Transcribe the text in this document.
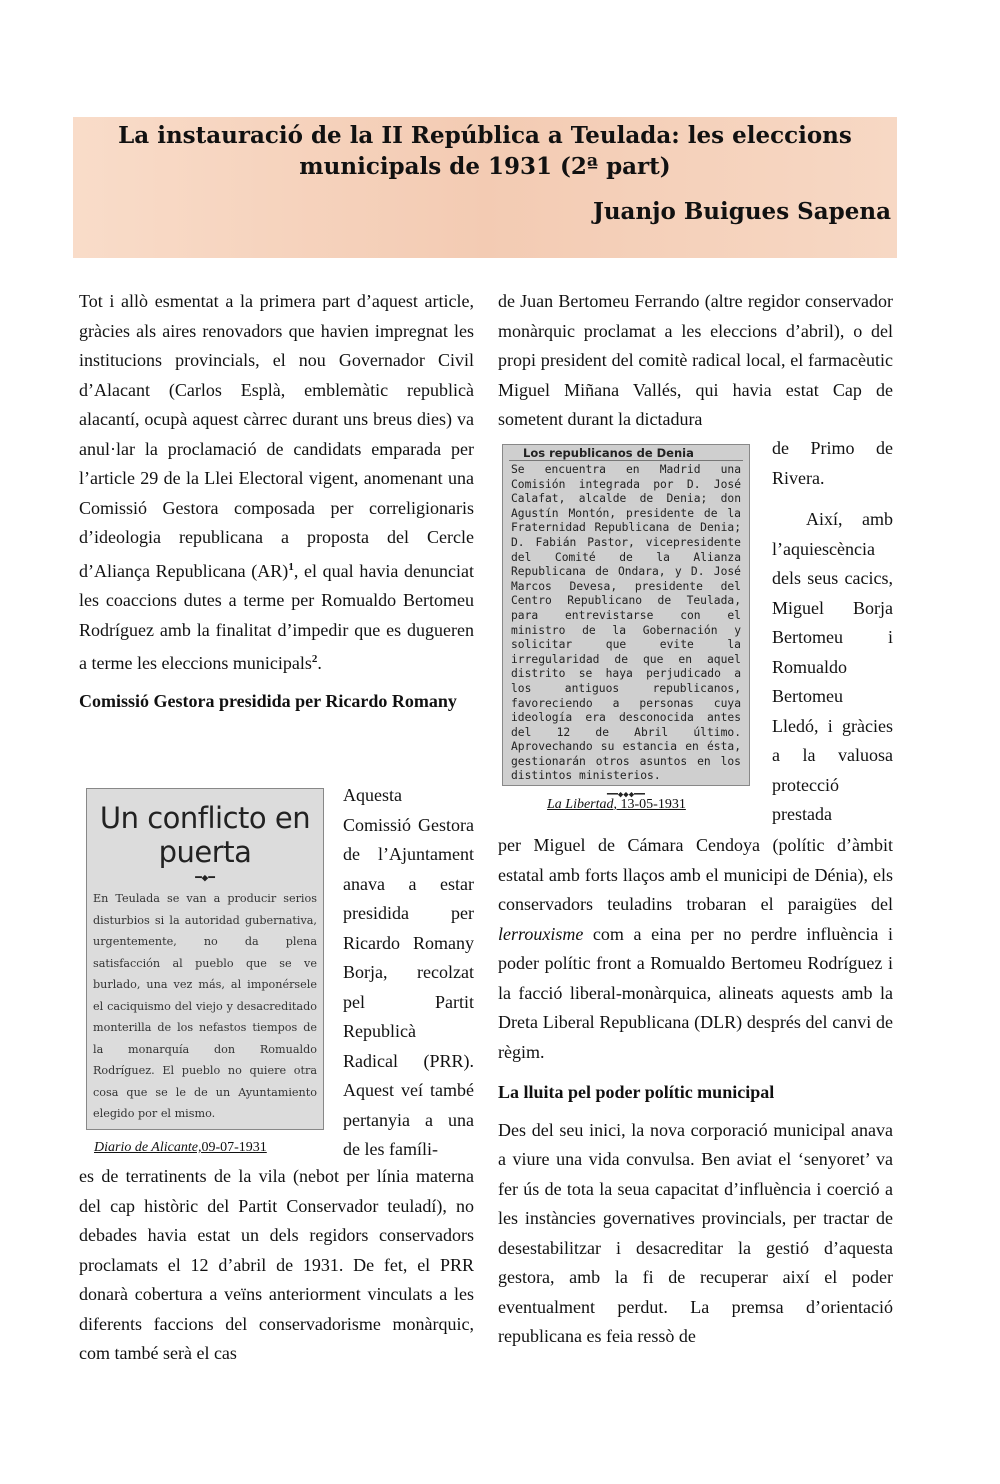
La instauració de la II República a Teulada: les eleccions municipals de 1931 (2ª part)
Juanjo Buigues Sapena

Tot i allò esmentat a la primera part d’aquest article, gràcies als aires renovadors que havien impregnat les institucions provincials, el nou Governador Civil d’Alacant (Carlos Esplà, emblemàtic republicà alacantí, ocupà aquest càrrec durant uns breus dies) va anul·lar la proclamació de candidats emparada per l’article 29 de la Llei Electoral vigent, anomenant una Comissió Gestora composada per correligionaris d’ideologia republicana a proposta del Cercle d’Aliança Republicana (AR)$^1$, el qual havia denunciat les coaccions dutes a terme per Romualdo Bertomeu Rodríguez amb la finalitat d’impedir que es dugueren a terme les eleccions municipals$^2$.

Comissió Gestora presidida per Ricardo Romany

Un conflicto en puerta
━◆━
En Teulada se van a producir serios disturbios si la autoridad gubernativa, urgentemente, no da plena satisfacción al pueblo que se ve burlado, una vez más, al imponérsele el caciquismo del viejo y desacreditado monterilla de los nefastos tiempos de la monarquía don Romualdo Rodríguez. El pueblo no quiere otra cosa que se le de un Ayuntamiento elegido por el mismo.
Diario de Alicante,09-07-1931

Aquesta Comissió Gestora de l’Ajuntament anava a estar presidida per Ricardo Romany Borja, recolzat pel Partit Republicà Radical (PRR). Aquest veí també pertanyia a una de les famíli-

es de terratinents de la vila (nebot per línia materna del cap històric del Partit Conservador teuladí), no debades havia estat un dels regidors conservadors proclamats el 12 d’abril de 1931. De fet, el PRR donarà cobertura a veïns anteriorment vinculats a les diferents faccions del conservadorisme monàrquic, com també serà el cas

de Juan Bertomeu Ferrando (altre regidor conservador monàrquic proclamat a les eleccions d’abril), o del propi president del comitè radical local, el farmacèutic Miguel Miñana Vallés, qui havia estat Cap de sometent durant la dictadura

Los republicanos de Denia
Se encuentra en Madrid una Comisión integrada por D. José Calafat, alcalde de Denia; don Agustín Montón, presidente de la Fraternidad Republicana de Denia; D. Fabián Pastor, vicepresidente del Comité de la Alianza Republicana de Ondara, y D. José Marcos Devesa, presidente del Centro Republicano de Teulada, para entrevistarse con el ministro de la Gobernación y solicitar que evite la irregularidad de que en aquel distrito se haya perjudicado a los antiguos republicanos, favoreciendo a personas cuya ideología era desconocida antes del 12 de Abril último. Aprovechando su estancia en ésta, gestionarán otros asuntos en los distintos ministerios.
━━◆◆◆━━
La Libertad, 13-05-1931

de Primo de Rivera.

Així, amb l’aquiescència dels seus cacics, Miguel Borja Bertomeu i Romualdo Bertomeu Lledó, i gràcies a la valuosa protecció prestada

per Miguel de Cámara Cendoya (polític d’àmbit estatal amb forts llaços amb el municipi de Dénia), els conservadors teuladins trobaran el paraigües del lerrouxisme com a eina per no perdre influència i poder polític front a Romualdo Bertomeu Rodríguez i la facció liberal-monàrquica, alineats aquests amb la Dreta Liberal Republicana (DLR) després del canvi de règim.

La lluita pel poder polític municipal

Des del seu inici, la nova corporació municipal anava a viure una vida convulsa. Ben aviat el ‘senyoret’ va fer ús de tota la seua capacitat d’influència i coerció a les instàncies governatives provincials, per tractar de desestabilitzar i desacreditar la gestió d’aquesta gestora, amb la fi de recuperar així el poder eventualment perdut. La premsa d’orientació republicana es feia ressò de
